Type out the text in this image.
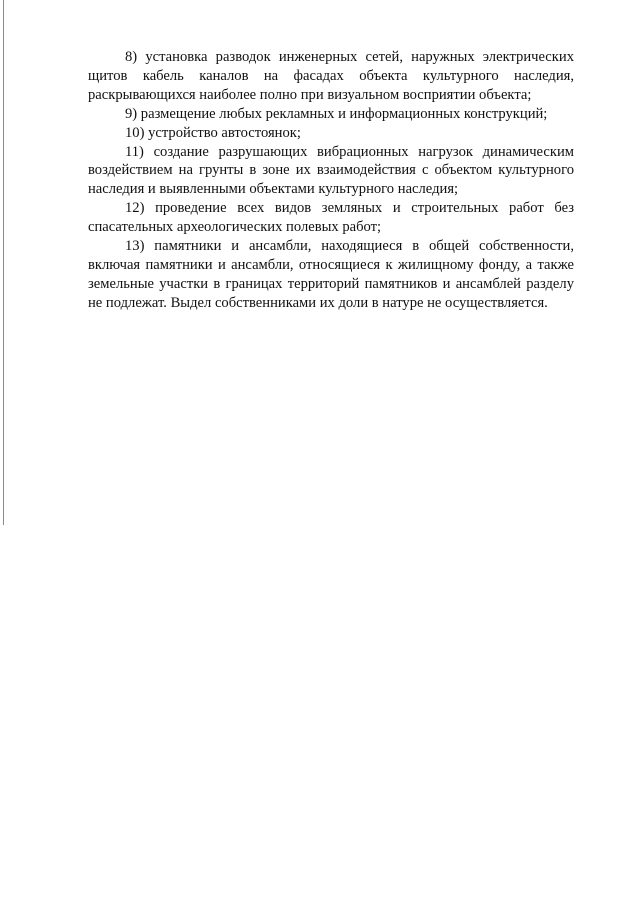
8) установка разводок инженерных сетей, наружных электрических щитов кабель каналов на фасадах объекта культурного наследия, раскрывающихся наиболее полно при визуальном восприятии объекта;

9) размещение любых рекламных и информационных конструкций;

10) устройство автостоянок;

11) создание разрушающих вибрационных нагрузок динамическим воздействием на грунты в зоне их взаимодействия с объектом культурного наследия и выявленными объектами культурного наследия;

12) проведение всех видов земляных и строительных работ без спасательных археологических полевых работ;

13) памятники и ансамбли, находящиеся в общей собственности, включая памятники и ансамбли, относящиеся к жилищному фонду, а также земельные участки в границах территорий памятников и ансамблей разделу не подлежат. Выдел собственниками их доли в натуре не осуществляется.
